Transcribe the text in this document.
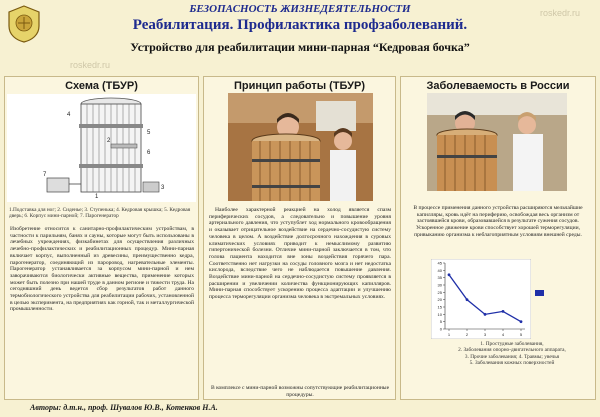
БЕЗОПАСНОСТЬ ЖИЗНЕДЕЯТЕЛЬНОСТИ
Реабилитация. Профилактика профзаболеваний.
Устройство для реабилитации мини-парная “Кедровая бочка”
roskedr.ru
roskedr.ru
Схема (ТБУР)
4
5
6
2
7
3
1
1.Подставка для ног; 2. Сиденье; 3. Ступенька; 4. Кедровая крышка; 5. Кедровая дверь; 6. Корпус мини-парной; 7. Парогенератор
Изобретение относится к санитарно-профилактическим устройствам, в частности к парильням, банях и сауны, которые могут быть использованы в лечебных учреждениях, физкабинетах для осуществления различных лечебно-профилактических и реабилитационных процедур. Мини-парная включает корпус, выполненный из древесины, преимущественно кедра, парогенератор, соединяющий из пароровод, нагревательные элементы. Парогенератор устанавливается за корпусом мини-парной и нем заворачиваются биологически активные вещества, применение которых может быть полезно при нашей труде в данном регионе и тяжести труда. На сегодняшний день ведется сбор результатов работ данного термобиологического устройства для реабилитации рабочих, установленной в целью эксперимента, на предприятиях как горной, так и металлургической промышленности.
Принцип работы (ТБУР)
Наиболее характерной реакцией на холод является спазм периферических сосудов, а следовательно и повышение уровня артериального давления, что уступублет ход нормального кровообращения и оказывает отрицательное воздействие на сердечно-сосудистую систему человека в целом. А воздействие долгосрочного нахождения в суровых климатических условиях приводит к немыслимому развитию гипертонической болезни. Отличие мини-парной заключается в том, что голова пациента находится вне зоны воздействия горячего пара. Соответственно нет нагрузки на сосуды головного мозга и нет недостатка кислорода, вследствие чего не наблюдается повышение давления. Воздействие мини-парной на сердечно-сосудистую систему проявляется в расширении и увеличении количества функционирующих капилляров. Мини-парная способствует ускорению процесса адаптации и улучшению процесса терморегуляции организма человека в экстремальных условиях.
В комплексе с мини-парной возможны сопутствующие реабилитационные процедуры.
Заболеваемость в России
В процессе применения данного устройства расширяются мельчайшие капилляры, кровь идёт на периферию, освобождая весь организм от застоявшейся крови, образовавшейся в результате сужения сосудов. Ускоренное движение крови способствует хорошей терморегуляции, привыканию организма к неблагоприятным условиям внешней среды.
0
5
10
15
20
25
30
35
40
45
1	2	3	4	5
1. Простудные заболевания,
2. Заболевания опорно-двигательного аппарата,
3. Прочие заболевания; 4. Травмы; увечья
5. Заболевания кожных поверхностей
Авторы: д.т.н., проф. Шувалов Ю.В., Котенков Н.А.
